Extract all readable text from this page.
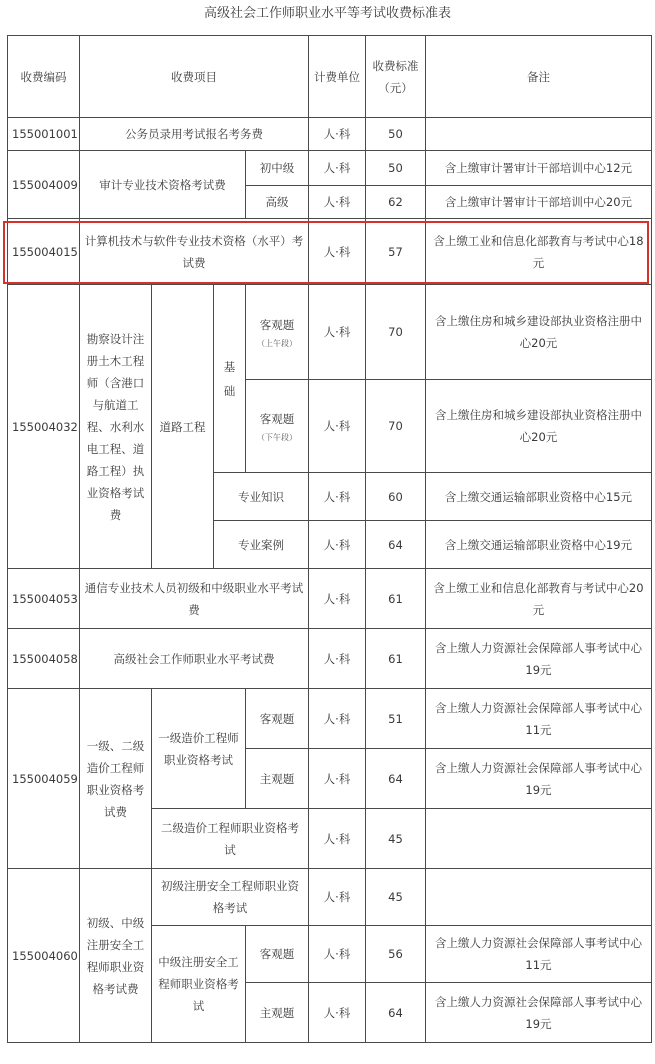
高级社会工作师职业水平等考试收费标准表
收费编码	收费项目				计费单位	收费标准（元）	备注
155001001	公务员录用考试报名考务费				人·科	50	
155004009	审计专业技术资格考试费			初中级	人·科	50	含上缴审计署审计干部培训中心12元
				高级	人·科	62	含上缴审计署审计干部培训中心20元
155004015	计算机技术与软件专业技术资格（水平）考试费				人·科	57	含上缴工业和信息化部教育与考试中心18元
155004032	勘察设计注册土木工程师（含港口与航道工程、水利水电工程、道路工程）执业资格考试费	道路工程	基础	客观题
（上午段）	人·科	70	含上缴住房和城乡建设部执业资格注册中心20元
				客观题
（下午段）	人·科	70	含上缴住房和城乡建设部执业资格注册中心20元
			专业知识		人·科	60	含上缴交通运输部职业资格中心15元
			专业案例		人·科	64	含上缴交通运输部职业资格中心19元
155004053	通信专业技术人员初级和中级职业水平考试费				人·科	61	含上缴工业和信息化部教育与考试中心20元
155004058	高级社会工作师职业水平考试费				人·科	61	含上缴人力资源社会保障部人事考试中心19元
155004059	一级、二级造价工程师职业资格考试费	一级造价工程师职业资格考试		客观题	人·科	51	含上缴人力资源社会保障部人事考试中心11元
				主观题	人·科	64	含上缴人力资源社会保障部人事考试中心19元
		二级造价工程师职业资格考试			人·科	45	
155004060	初级、中级注册安全工程师职业资格考试费	初级注册安全工程师职业资格考试			人·科	45	
		中级注册安全工程师职业资格考试		客观题	人·科	56	含上缴人力资源社会保障部人事考试中心11元
				主观题	人·科	64	含上缴人力资源社会保障部人事考试中心19元
